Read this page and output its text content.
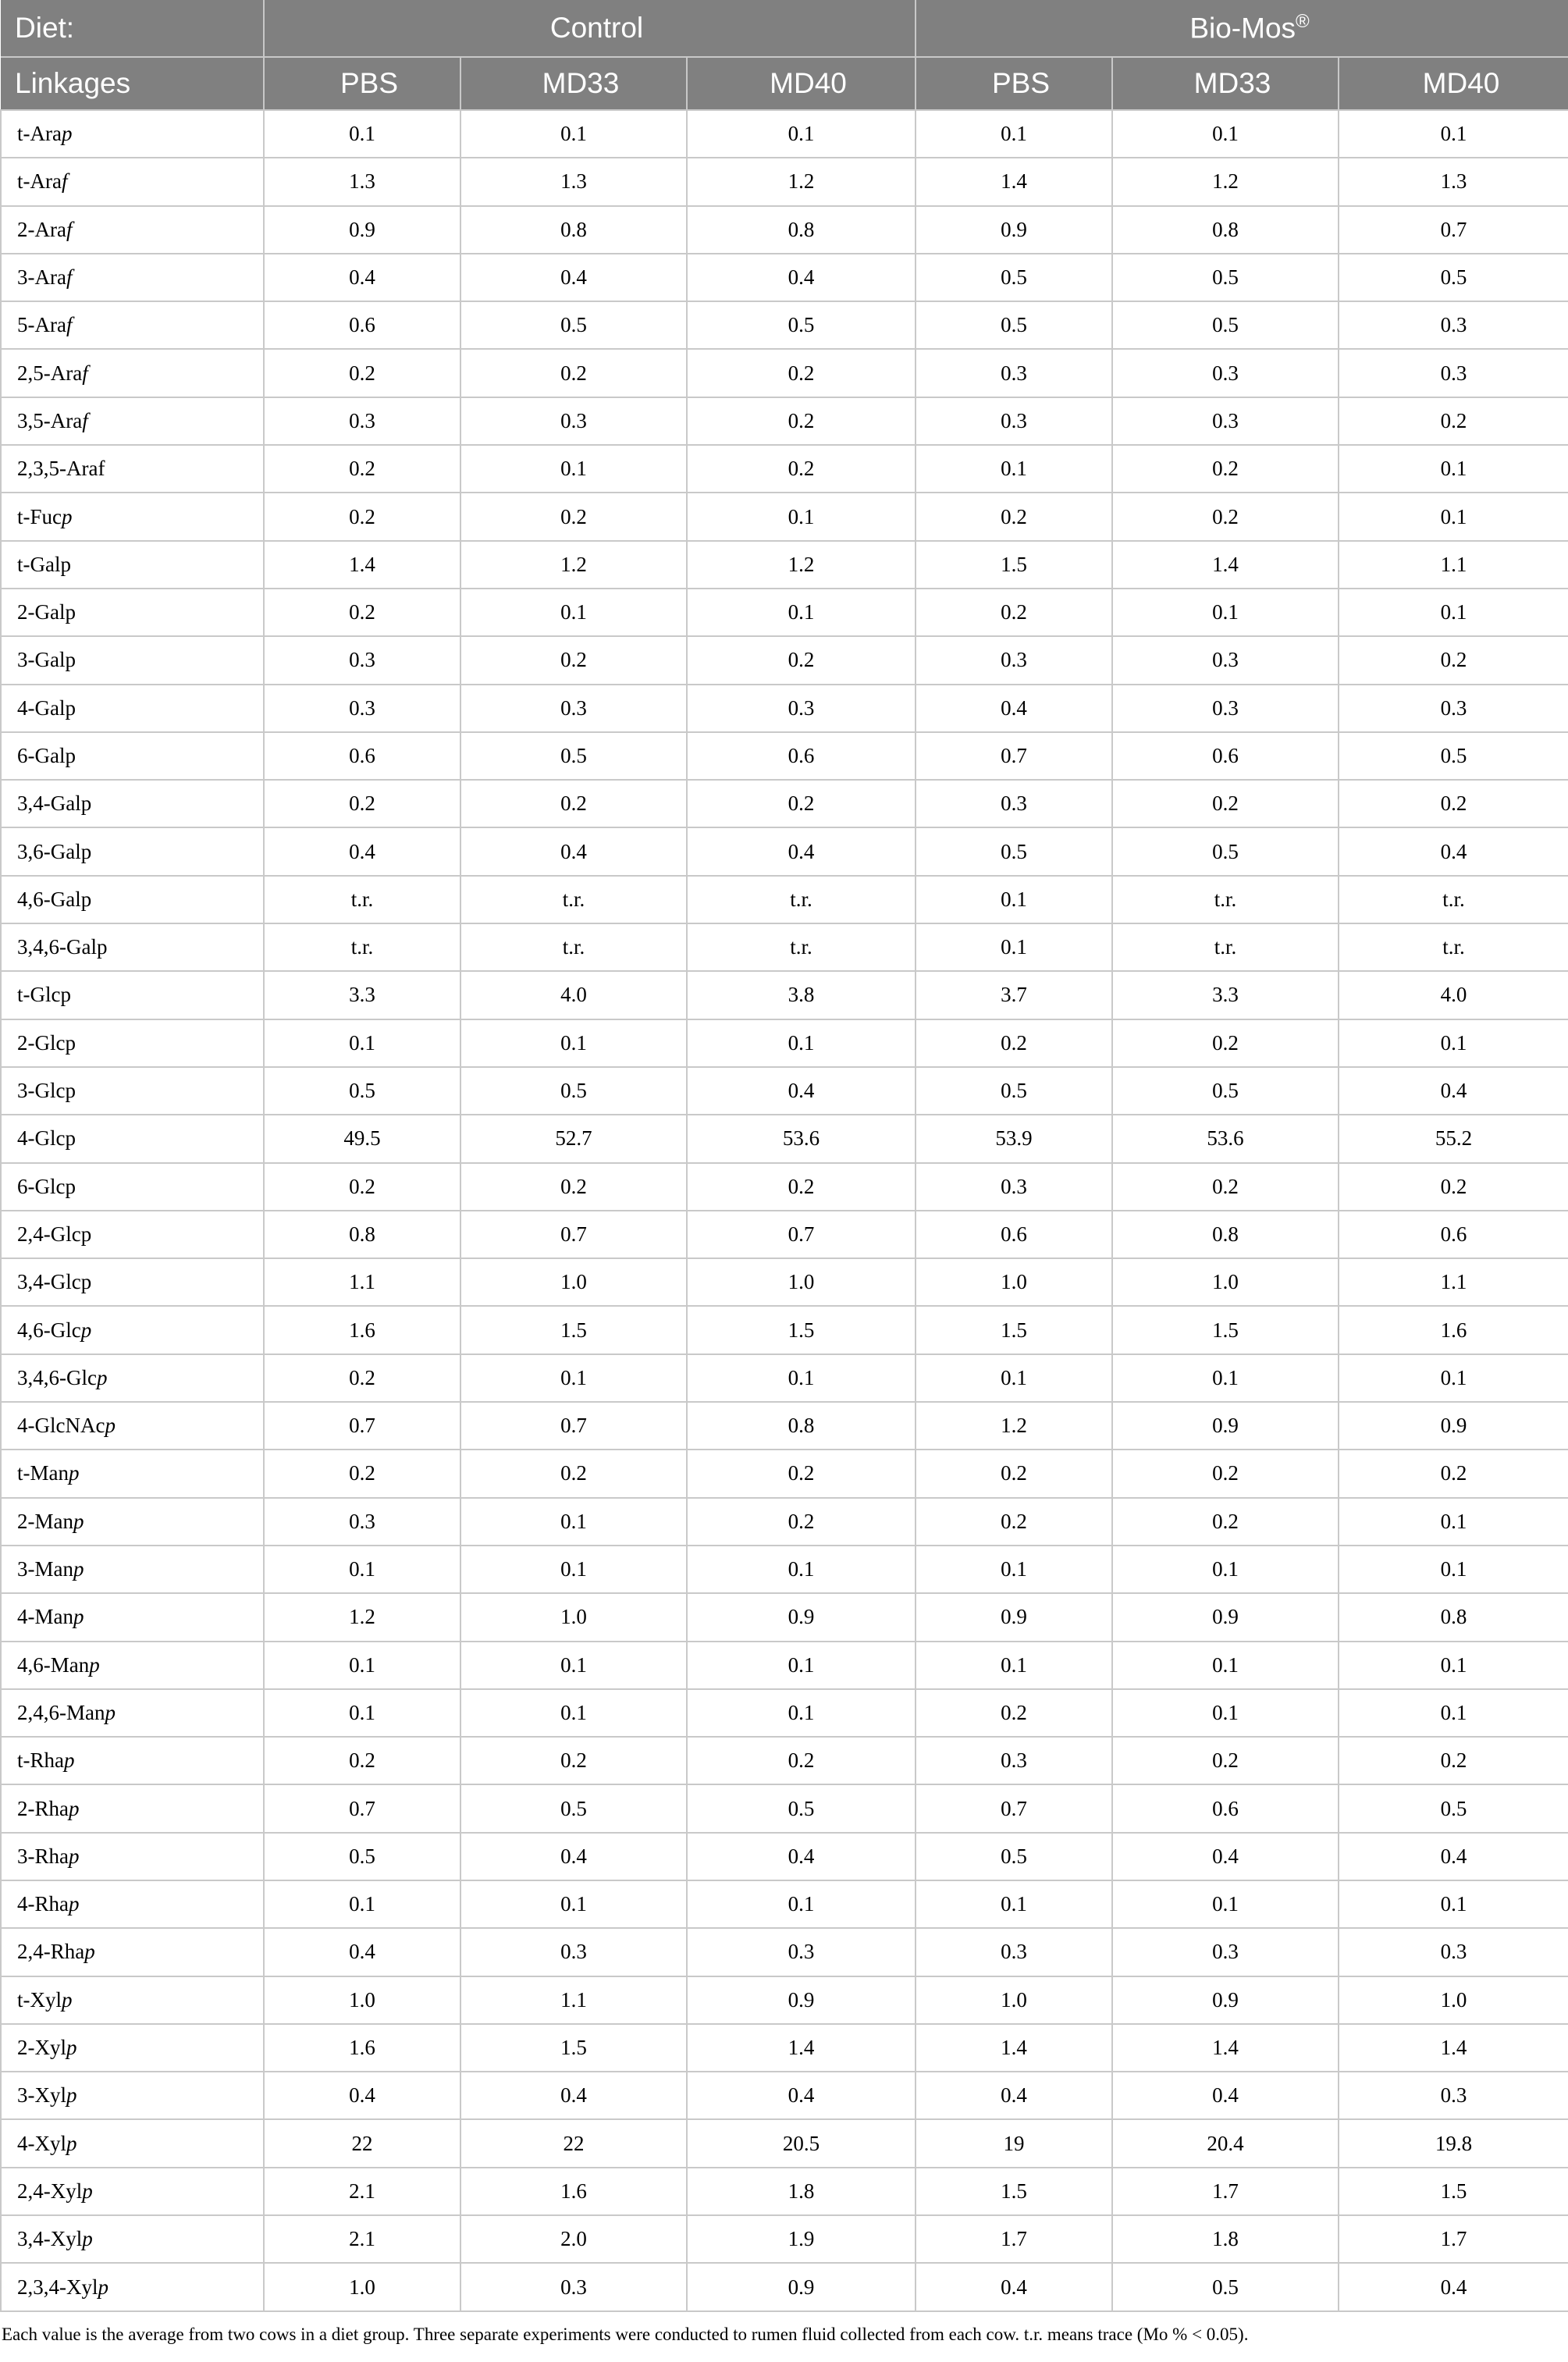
Diet:	Control			Bio-Mos®
Linkages	PBS	MD33	MD40	PBS	MD33	MD40
t-Arap	0.1	0.1	0.1	0.1	0.1	0.1
t-Araf	1.3	1.3	1.2	1.4	1.2	1.3
2-Araf	0.9	0.8	0.8	0.9	0.8	0.7
3-Araf	0.4	0.4	0.4	0.5	0.5	0.5
5-Araf	0.6	0.5	0.5	0.5	0.5	0.3
2,5-Araf	0.2	0.2	0.2	0.3	0.3	0.3
3,5-Araf	0.3	0.3	0.2	0.3	0.3	0.2
2,3,5-Araf	0.2	0.1	0.2	0.1	0.2	0.1
t-Fucp	0.2	0.2	0.1	0.2	0.2	0.1
t-Galp	1.4	1.2	1.2	1.5	1.4	1.1
2-Galp	0.2	0.1	0.1	0.2	0.1	0.1
3-Galp	0.3	0.2	0.2	0.3	0.3	0.2
4-Galp	0.3	0.3	0.3	0.4	0.3	0.3
6-Galp	0.6	0.5	0.6	0.7	0.6	0.5
3,4-Galp	0.2	0.2	0.2	0.3	0.2	0.2
3,6-Galp	0.4	0.4	0.4	0.5	0.5	0.4
4,6-Galp	t.r.	t.r.	t.r.	0.1	t.r.	t.r.
3,4,6-Galp	t.r.	t.r.	t.r.	0.1	t.r.	t.r.
t-Glcp	3.3	4.0	3.8	3.7	3.3	4.0
2-Glcp	0.1	0.1	0.1	0.2	0.2	0.1
3-Glcp	0.5	0.5	0.4	0.5	0.5	0.4
4-Glcp	49.5	52.7	53.6	53.9	53.6	55.2
6-Glcp	0.2	0.2	0.2	0.3	0.2	0.2
2,4-Glcp	0.8	0.7	0.7	0.6	0.8	0.6
3,4-Glcp	1.1	1.0	1.0	1.0	1.0	1.1
4,6-Glcp	1.6	1.5	1.5	1.5	1.5	1.6
3,4,6-Glcp	0.2	0.1	0.1	0.1	0.1	0.1
4-GlcNAcp	0.7	0.7	0.8	1.2	0.9	0.9
t-Manp	0.2	0.2	0.2	0.2	0.2	0.2
2-Manp	0.3	0.1	0.2	0.2	0.2	0.1
3-Manp	0.1	0.1	0.1	0.1	0.1	0.1
4-Manp	1.2	1.0	0.9	0.9	0.9	0.8
4,6-Manp	0.1	0.1	0.1	0.1	0.1	0.1
2,4,6-Manp	0.1	0.1	0.1	0.2	0.1	0.1
t-Rhap	0.2	0.2	0.2	0.3	0.2	0.2
2-Rhap	0.7	0.5	0.5	0.7	0.6	0.5
3-Rhap	0.5	0.4	0.4	0.5	0.4	0.4
4-Rhap	0.1	0.1	0.1	0.1	0.1	0.1
2,4-Rhap	0.4	0.3	0.3	0.3	0.3	0.3
t-Xylp	1.0	1.1	0.9	1.0	0.9	1.0
2-Xylp	1.6	1.5	1.4	1.4	1.4	1.4
3-Xylp	0.4	0.4	0.4	0.4	0.4	0.3
4-Xylp	22	22	20.5	19	20.4	19.8
2,4-Xylp	2.1	1.6	1.8	1.5	1.7	1.5
3,4-Xylp	2.1	2.0	1.9	1.7	1.8	1.7
2,3,4-Xylp	1.0	0.3	0.9	0.4	0.5	0.4
Each value is the average from two cows in a diet group. Three separate experiments were conducted to rumen fluid collected from each cow. t.r. means trace (Mo % < 0.05).
